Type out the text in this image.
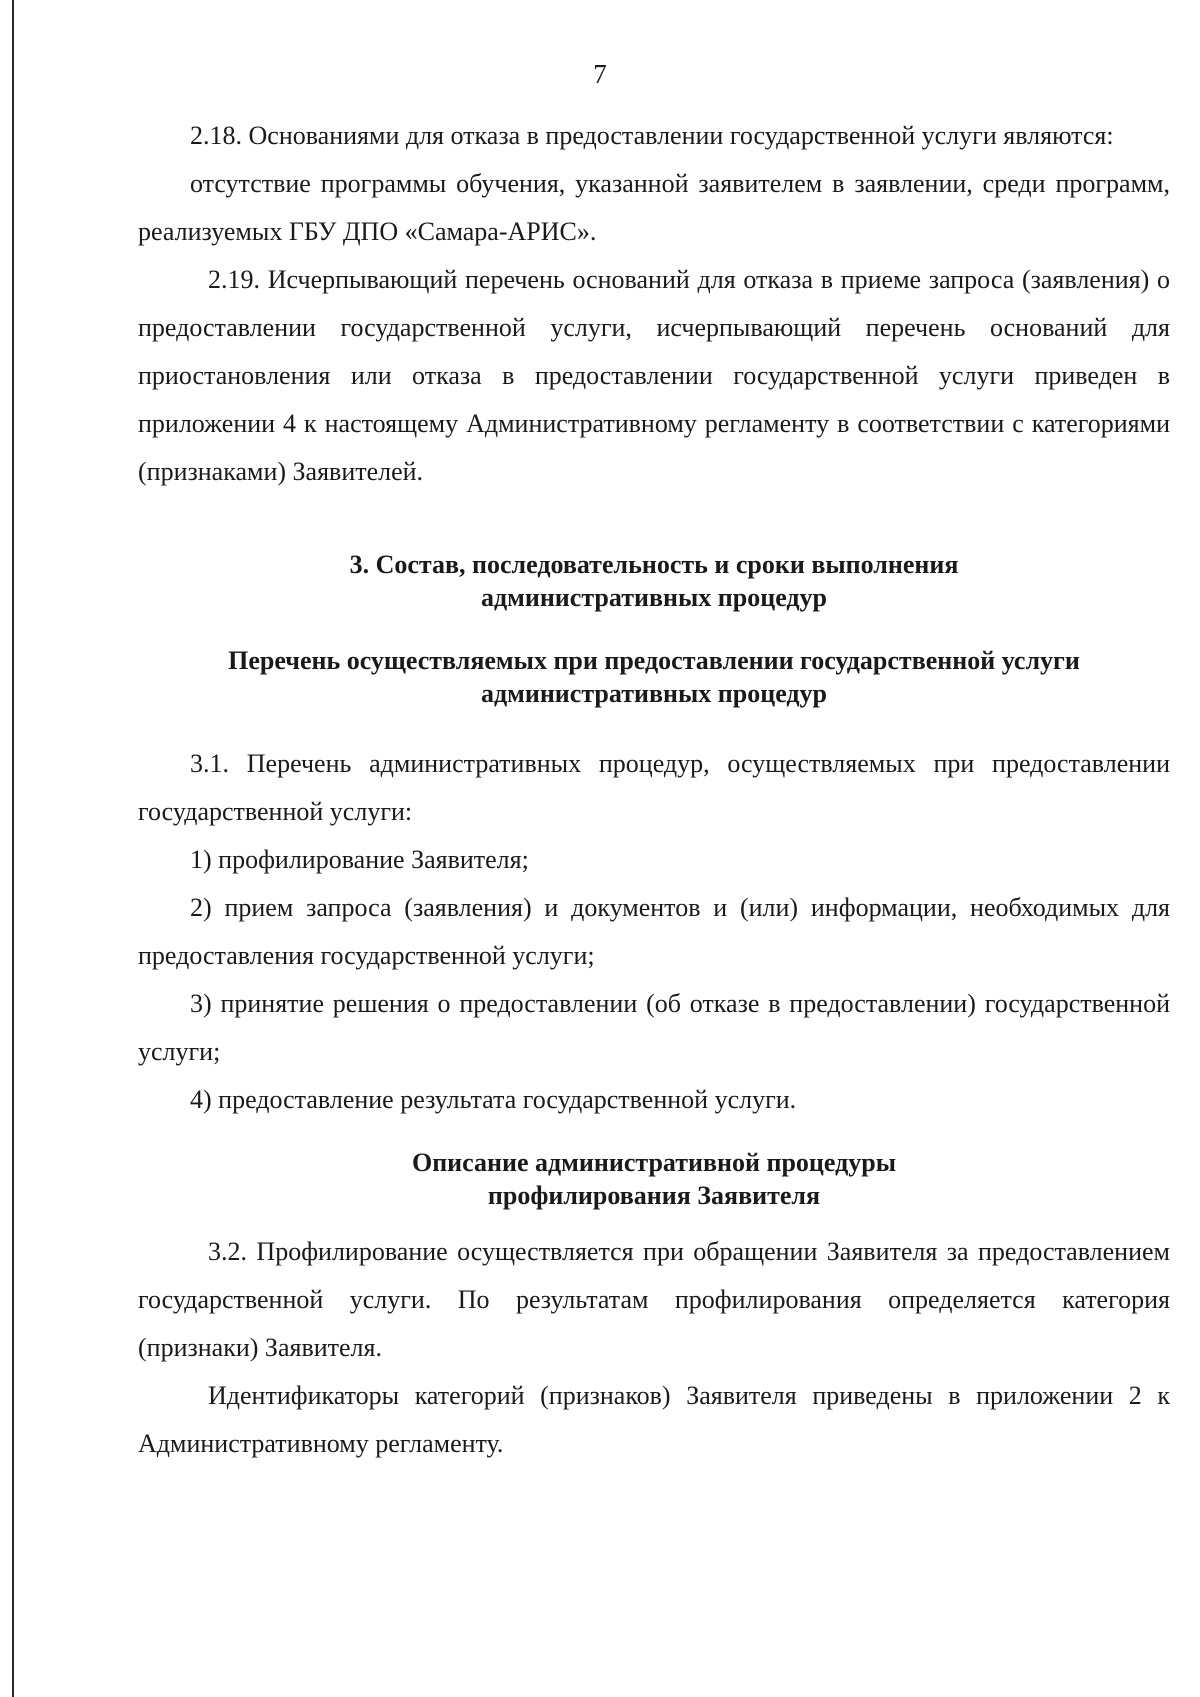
7

2.18. Основаниями для отказа в предоставлении государственной услуги являются:

отсутствие программы обучения, указанной заявителем в заявлении, среди программ, реализуемых ГБУ ДПО «Самара-АРИС».

2.19. Исчерпывающий перечень оснований для отказа в приеме запроса (заявления) о предоставлении государственной услуги, исчерпывающий перечень оснований для приостановления или отказа в предоставлении государственной услуги приведен в приложении 4 к настоящему Административному регламенту в соответствии с категориями (признаками) Заявителей.

3. Состав, последовательность и сроки выполнения
административных процедур
Перечень осуществляемых при предоставлении государственной услуги
административных процедур

3.1. Перечень административных процедур, осуществляемых при предоставлении государственной услуги:

1) профилирование Заявителя;

2) прием запроса (заявления) и документов и (или) информации, необходимых для предоставления государственной услуги;

3) принятие решения о предоставлении (об отказе в предоставлении) государственной услуги;

4) предоставление результата государственной услуги.

Описание административной процедуры
профилирования Заявителя

3.2. Профилирование осуществляется при обращении Заявителя за предоставлением государственной услуги. По результатам профилирования определяется категория (признаки) Заявителя.

Идентификаторы категорий (признаков) Заявителя приведены в приложении 2 к Административному регламенту.
